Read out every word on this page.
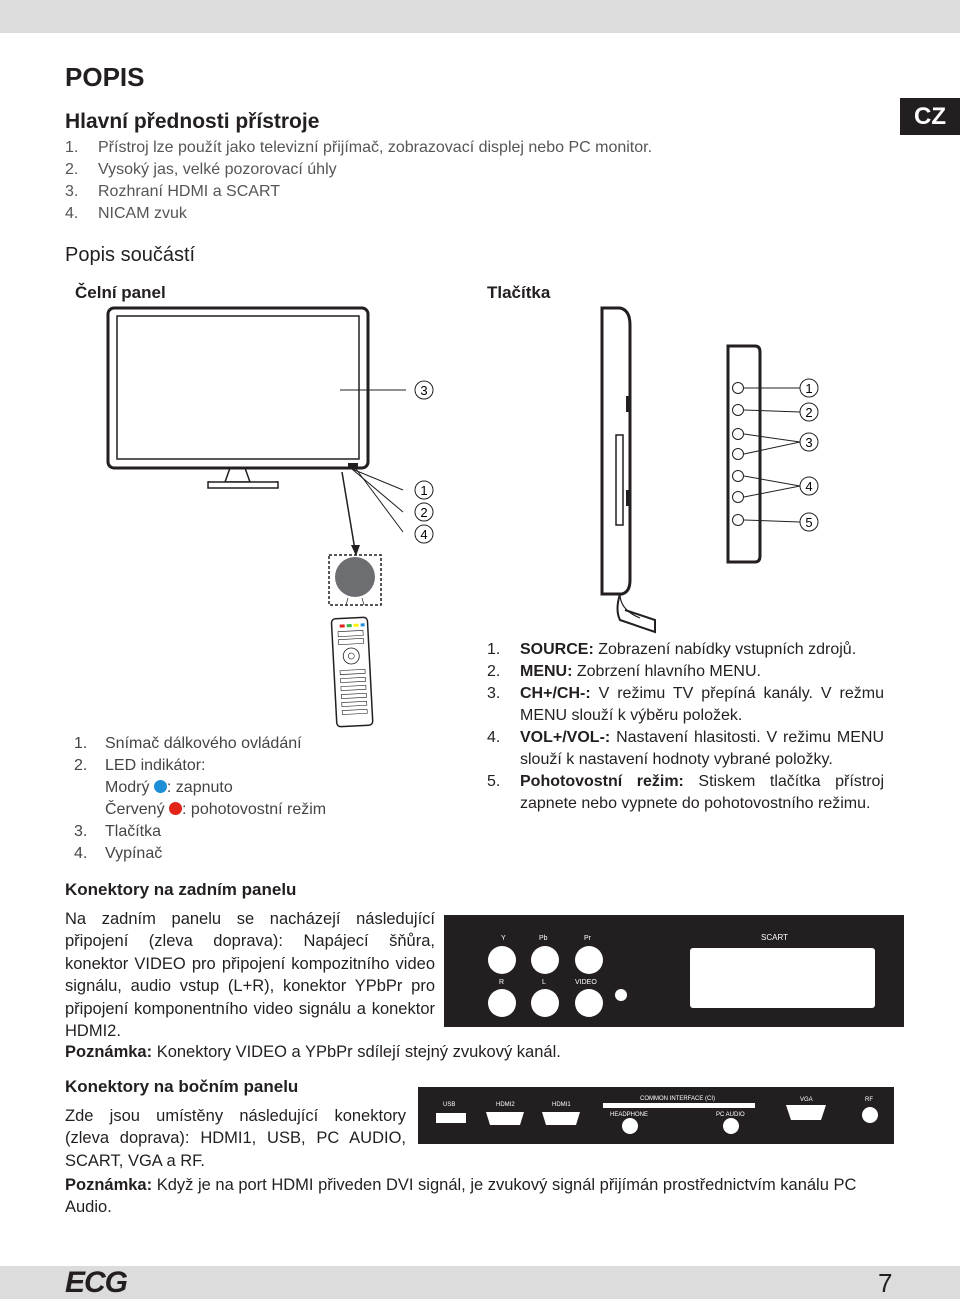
CZ
POPIS
Hlavní přednosti přístroje
1. Přístroj lze použít jako televizní přijímač, zobrazovací displej nebo PC monitor.
2. Vysoký jas, velké pozorovací úhly
3. Rozhraní HDMI a SCART
4. NICAM zvuk
Popis součástí
Čelní panel	Tlačítka
3
1
2
4
1
2
3
4
5
1. Snímač dálkového ovládání
2. LED indikátor:
Modrý : zapnuto
Červený : pohotovostní režim
3. Tlačítka
4. Vypínač
1.	SOURCE: Zobrazení nabídky vstupních zdrojů.
2.	MENU: Zobrzení hlavního MENU.
3.	CH+/CH-: V režimu TV přepíná kanály. V režmu MENU slouží k výběru položek.
4.	VOL+/VOL-: Nastavení hlasitosti. V režimu MENU slouží k nastavení hodnoty vybrané položky.
5.	Pohotovostní režim: Stiskem tlačítka přístroj zapnete nebo vypnete do pohotovostního režimu.
Konektory na zadním panelu
Na zadním panelu se nacházejí následující připojení (zleva doprava): Napájecí šňůra, konektor VIDEO pro připojení kompozitního video signálu, audio vstup (L+R), konektor YPbPr pro připojení komponentního video signálu a konektor HDMI2.
Poznámka: Konektory VIDEO a YPbPr sdílejí stejný zvukový kanál.
Y	Pb	Pr
R	L	VIDEO
SCART
Konektory na bočním panelu
Zde jsou umístěny následující konektory (zleva doprava): HDMI1, USB, PC AUDIO, SCART, VGA a RF.
USB	HDMI2	HDMI1
COMMON INTERFACE (CI)
HEADPHONE	PC AUDIO
VGA	RF
Poznámka: Když je na port HDMI přiveden DVI signál, je zvukový signál přijímán prostřednictvím kanálu PC Audio.
ECG	7
